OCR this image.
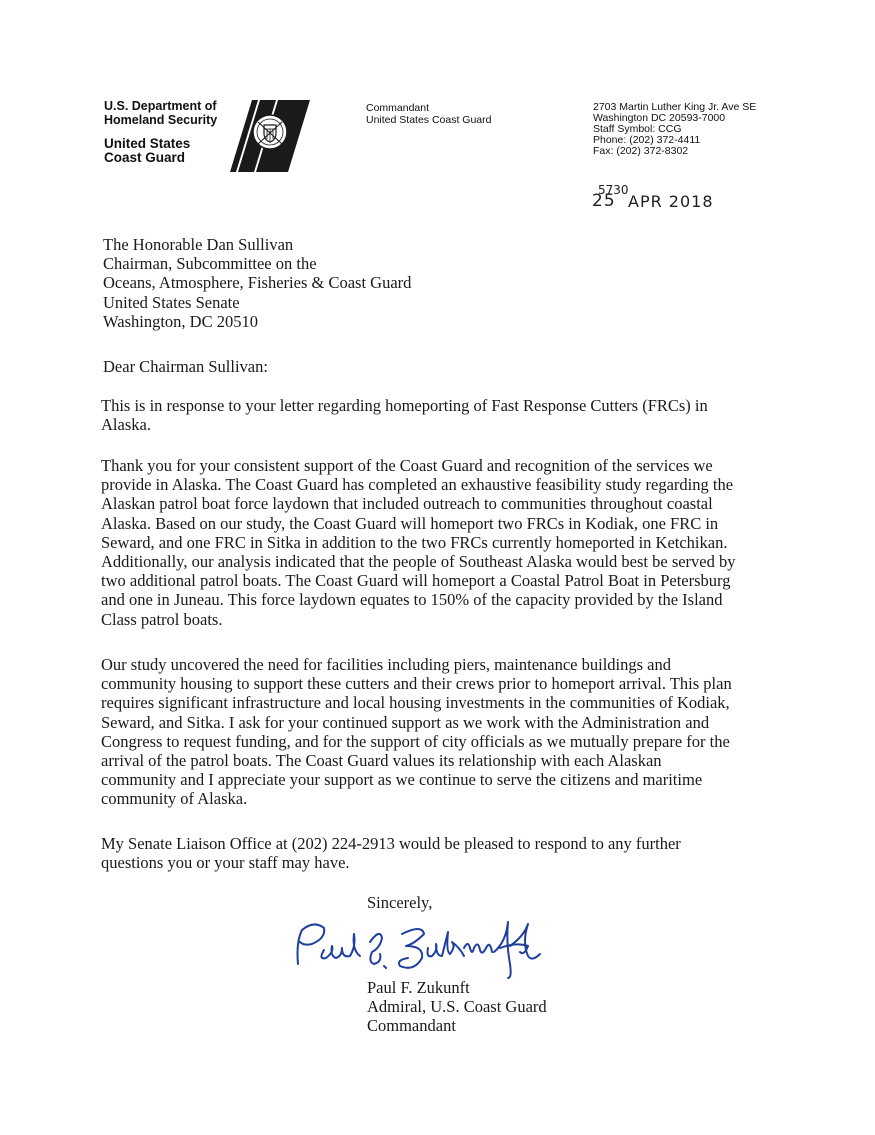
U.S. Department of
Homeland Security
United States
Coast Guard
Commandant
United States Coast Guard
2703 Martin Luther King Jr. Ave SE
Washington DC 20593-7000
Staff Symbol: CCG
Phone: (202) 372-4411
Fax: (202) 372-8302
5730
25 APR 2018
The Honorable Dan Sullivan
Chairman, Subcommittee on the
Oceans, Atmosphere, Fisheries & Coast Guard
United States Senate
Washington, DC 20510
Dear Chairman Sullivan:
This is in response to your letter regarding homeporting of Fast Response Cutters (FRCs) in
Alaska.
Thank you for your consistent support of the Coast Guard and recognition of the services we
provide in Alaska. The Coast Guard has completed an exhaustive feasibility study regarding the
Alaskan patrol boat force laydown that included outreach to communities throughout coastal
Alaska. Based on our study, the Coast Guard will homeport two FRCs in Kodiak, one FRC in
Seward, and one FRC in Sitka in addition to the two FRCs currently homeported in Ketchikan.
Additionally, our analysis indicated that the people of Southeast Alaska would best be served by
two additional patrol boats. The Coast Guard will homeport a Coastal Patrol Boat in Petersburg
and one in Juneau. This force laydown equates to 150% of the capacity provided by the Island
Class patrol boats.
Our study uncovered the need for facilities including piers, maintenance buildings and
community housing to support these cutters and their crews prior to homeport arrival. This plan
requires significant infrastructure and local housing investments in the communities of Kodiak,
Seward, and Sitka. I ask for your continued support as we work with the Administration and
Congress to request funding, and for the support of city officials as we mutually prepare for the
arrival of the patrol boats. The Coast Guard values its relationship with each Alaskan
community and I appreciate your support as we continue to serve the citizens and maritime
community of Alaska.
My Senate Liaison Office at (202) 224-2913 would be pleased to respond to any further
questions you or your staff may have.
Sincerely,
Paul F. Zukunft
Admiral, U.S. Coast Guard
Commandant
